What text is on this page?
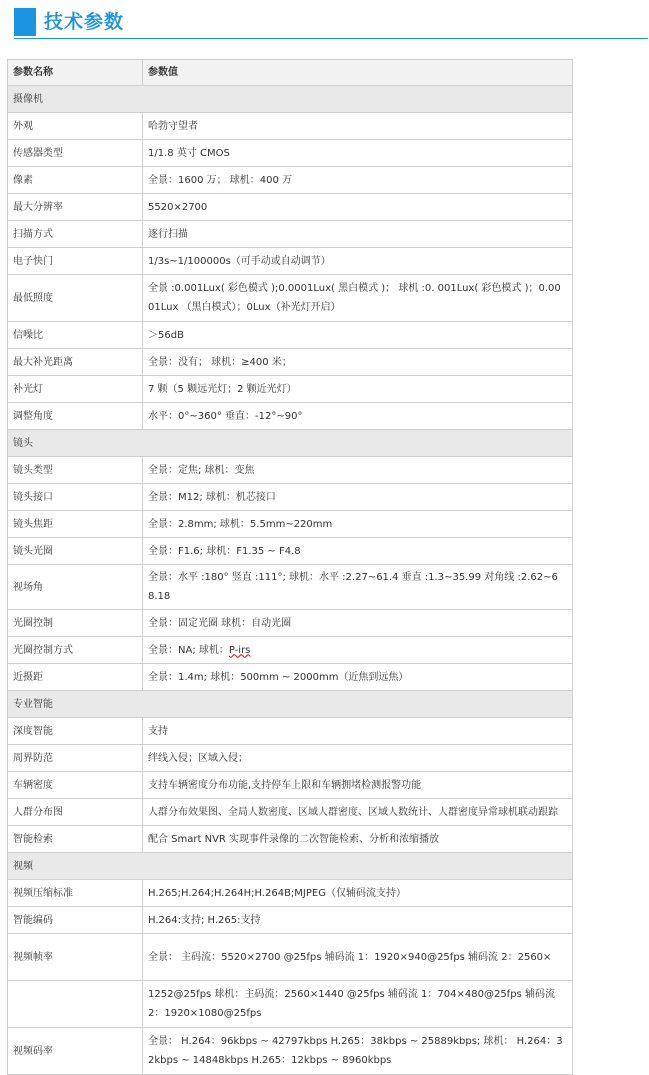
技术参数
参数名称	参数值
摄像机	
外观	哈勃守望者
传感器类型	1/1.8 英寸 CMOS
像素	全景：1600 万； 球机：400 万
最大分辨率	5520×2700
扫描方式	逐行扫描
电子快门	1/3s~1/100000s（可手动或自动调节）
最低照度	全景 :0.001Lux( 彩色模式 );0.0001Lux( 黑白模式 )； 球机 :0. 001Lux( 彩色模式 )；0.0001Lux （黑白模式）；0Lux（补光灯开启）
信噪比	＞56dB
最大补光距离	全景：没有； 球机：≥400 米；
补光灯	7 颗（5 颗远光灯；2 颗近光灯）
调整角度	水平：0°~360° 垂直：-12°~90°
镜头	
镜头类型	全景：定焦; 球机：变焦
镜头接口	全景：M12; 球机：机芯接口
镜头焦距	全景：2.8mm; 球机：5.5mm~220mm
镜头光圈	全景：F1.6; 球机：F1.35 ~ F4.8
视场角	全景：水平 :180° 竖直 :111°; 球机：水平 :2.27~61.4 垂直 :1.3~35.99 对角线 :2.62~68.18
光圈控制	全景：固定光圈 球机：自动光圈
光圈控制方式	全景：NA; 球机：P-irs
近摄距	全景：1.4m; 球机：500mm ~ 2000mm（近焦到远焦）
专业智能	
深度智能	支持
周界防范	绊线入侵；区域入侵；
车辆密度	支持车辆密度分布功能,支持停车上限和车辆拥堵检测报警功能
人群分布图	人群分布效果图、全局人数密度、区域人群密度、区域人数统计、人群密度异常球机联动跟踪
智能检索	配合 Smart NVR 实现事件录像的二次智能检索、分析和浓缩播放
视频	
视频压缩标准	H.265;H.264;H.264H;H.264B;MJPEG（仅辅码流支持）
智能编码	H.264:支持; H.265:支持
视频帧率	全景： 主码流：5520×2700 @25fps 辅码流 1：1920×940@25fps 辅码流 2：2560×
	1252@25fps 球机：主码流：2560×1440 @25fps 辅码流 1：704×480@25fps 辅码流 2：1920×1080@25fps
视频码率	全景： H.264：96kbps ~ 42797kbps H.265：38kbps ~ 25889kbps; 球机： H.264：32kbps ~ 14848kbps H.265：12kbps ~ 8960kbps
